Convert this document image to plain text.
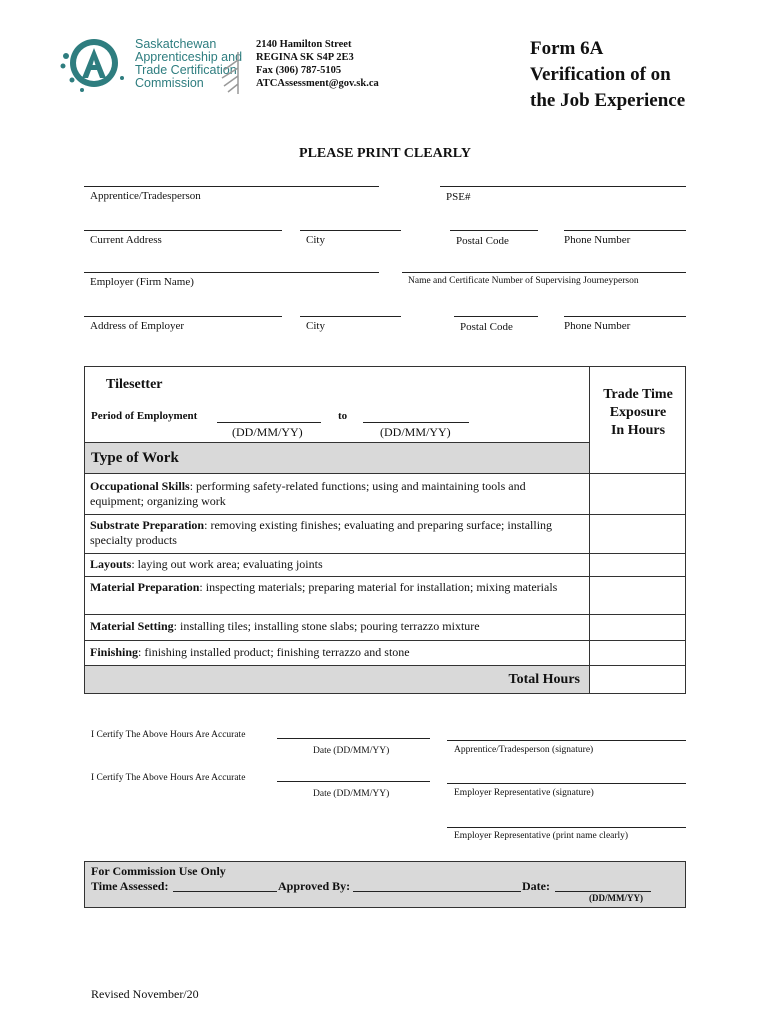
Saskatchewan
Apprenticeship and
Trade Certification
Commission
2140 Hamilton Street
REGINA SK S4P 2E3
Fax (306) 787-5105
ATCAssessment@gov.sk.ca
Form 6A
Verification of on
the Job Experience
PLEASE PRINT CLEARLY
Apprentice/Tradesperson	PSE#
Current Address	City	Postal Code	Phone Number
Employer (Firm Name)	Name and Certificate Number of Supervising Journeyperson
Address of Employer	City	Postal Code	Phone Number
Tilesetter
Period of Employment	to
(DD/MM/YY)	(DD/MM/YY)
Trade Time
Exposure
In Hours
Type of Work
Occupational Skills: performing safety-related functions; using and maintaining tools and equipment; organizing work
Substrate Preparation: removing existing finishes; evaluating and preparing surface; installing specialty products
Layouts: laying out work area; evaluating joints
Material Preparation: inspecting materials; preparing material for installation; mixing materials
Material Setting: installing tiles; installing stone slabs; pouring terrazzo mixture
Finishing: finishing installed product; finishing terrazzo and stone
Total Hours
I Certify The Above Hours Are Accurate
Date (DD/MM/YY)	Apprentice/Tradesperson (signature)
I Certify The Above Hours Are Accurate
Date (DD/MM/YY)	Employer Representative (signature)
Employer Representative (print name clearly)
For Commission Use Only
Time Assessed:	Approved By:	Date:
(DD/MM/YY)
Revised November/20
